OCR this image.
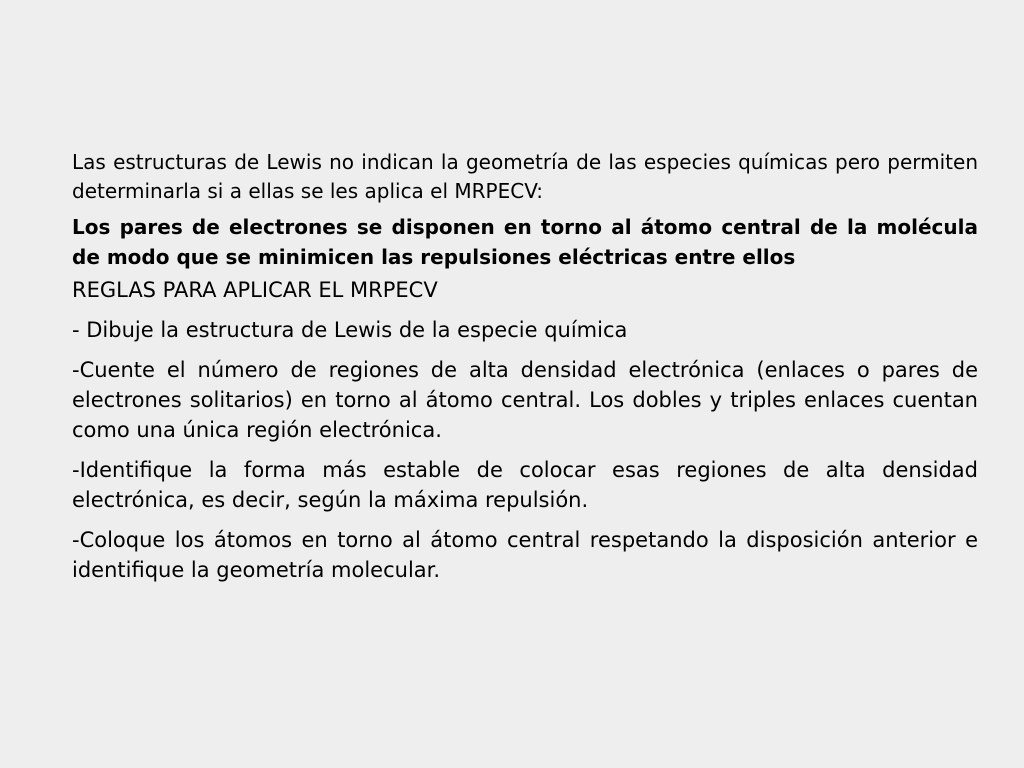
Las estructuras de Lewis no indican la geometría de las especies químicas pero permiten determinarla si a ellas se les aplica el MRPECV:

Los pares de electrones se disponen en torno al átomo central de la molécula de modo que se minimicen las repulsiones eléctricas entre ellos

REGLAS PARA APLICAR EL MRPECV

- Dibuje la estructura de Lewis de la especie química

-Cuente el número de regiones de alta densidad electrónica (enlaces o pares de electrones solitarios) en torno al átomo central. Los dobles y triples enlaces cuentan como una única región electrónica.

-Identifique la forma más estable de colocar esas regiones de alta densidad electrónica, es decir, según la máxima repulsión.

-Coloque los átomos en torno al átomo central respetando la disposición anterior e identifique la geometría molecular.
